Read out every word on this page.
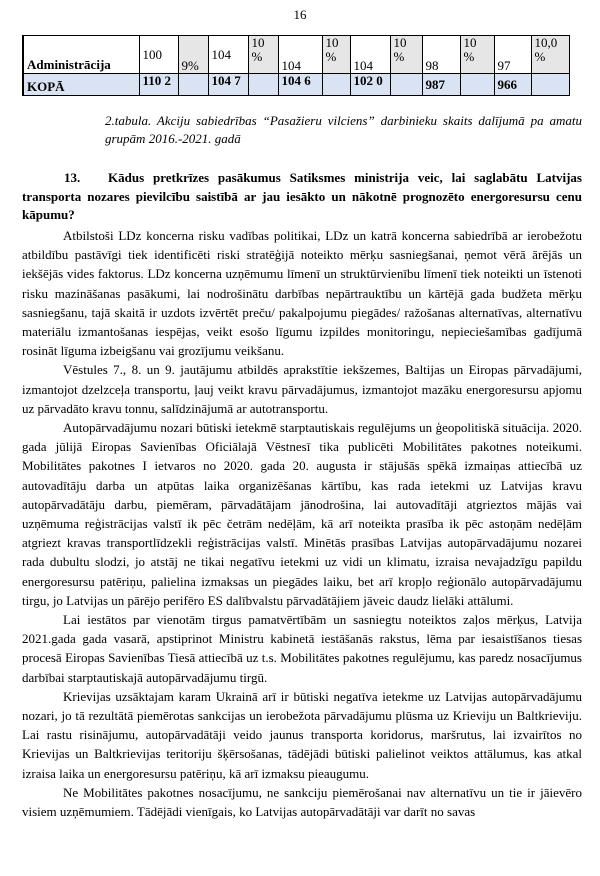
16
Administrācija	100	9%	104	10 %	104	10 %	104	10 %	98	10 %	97	10,0 %
KOPĀ	110 2		104 7		104 6		102 0		987		966	
2.tabula. Akciju sabiedrības “Pasažieru vilciens” darbinieku skaits dalījumā pa amatu grupām 2016.-2021. gadā
13. Kādus pretkrīzes pasākumus Satiksmes ministrija veic, lai saglabātu Latvijas transporta nozares pievilcību saistībā ar jau iesākto un nākotnē prognozēto energoresursu cenu kāpumu?

Atbilstoši LDz koncerna risku vadības politikai, LDz un katrā koncerna sabiedrībā ar ierobežotu atbildību pastāvīgi tiek identificēti riski stratēģijā noteikto mērķu sasniegšanai, ņemot vērā ārējās un iekšējās vides faktorus. LDz koncerna uzņēmumu līmenī un struktūrvienību līmenī tiek noteikti un īstenoti risku mazināšanas pasākumi, lai nodrošinātu darbības nepārtrauktību un kārtējā gada budžeta mērķu sasniegšanu, tajā skaitā ir uzdots izvērtēt preču/ pakalpojumu piegādes/ ražošanas alternatīvas, alternatīvu materiālu izmantošanas iespējas, veikt esošo līgumu izpildes monitoringu, nepieciešamības gadījumā rosināt līguma izbeigšanu vai grozījumu veikšanu.

Vēstules 7., 8. un 9. jautājumu atbildēs aprakstītie iekšzemes, Baltijas un Eiropas pārvadājumi, izmantojot dzelzceļa transportu, ļauj veikt kravu pārvadājumus, izmantojot mazāku energoresursu apjomu uz pārvadāto kravu tonnu, salīdzinājumā ar autotransportu.

Autopārvadājumu nozari būtiski ietekmē starptautiskais regulējums un ģeopolitiskā situācija. 2020. gada jūlijā Eiropas Savienības Oficiālajā Vēstnesī tika publicēti Mobilitātes pakotnes noteikumi. Mobilitātes pakotnes I ietvaros no 2020. gada 20. augusta ir stājušās spēkā izmaiņas attiecībā uz autovadītāju darba un atpūtas laika organizēšanas kārtību, kas rada ietekmi uz Latvijas kravu autopārvadātāju darbu, piemēram, pārvadātājam jānodrošina, lai autovadītāji atgrieztos mājās vai uzņēmuma reģistrācijas valstī ik pēc četrām nedēļām, kā arī noteikta prasība ik pēc astoņām nedēļām atgriezt kravas transportlīdzekli reģistrācijas valstī. Minētās prasības Latvijas autopārvadājumu nozarei rada dubultu slodzi, jo atstāj ne tikai negatīvu ietekmi uz vidi un klimatu, izraisa nevajadzīgu papildu energoresursu patēriņu, palielina izmaksas un piegādes laiku, bet arī kropļo reģionālo autopārvadājumu tirgu, jo Latvijas un pārējo perifēro ES dalībvalstu pārvadātājiem jāveic daudz lielāki attālumi.

Lai iestātos par vienotām tirgus pamatvērtībām un sasniegtu noteiktos zaļos mērķus, Latvija 2021.gada gada vasarā, apstiprinot Ministru kabinetā iestāšanās rakstus, lēma par iesaistīšanos tiesas procesā Eiropas Savienības Tiesā attiecībā uz t.s. Mobilitātes pakotnes regulējumu, kas paredz nosacījumus darbībai starptautiskajā autopārvadājumu tirgū.

Krievijas uzsāktajam karam Ukrainā arī ir būtiski negatīva ietekme uz Latvijas autopārvadājumu nozari, jo tā rezultātā piemērotas sankcijas un ierobežota pārvadājumu plūsma uz Krieviju un Baltkrieviju. Lai rastu risinājumu, autopārvadātāji veido jaunus transporta koridorus, maršrutus, lai izvairītos no Krievijas un Baltkrievijas teritoriju šķērsošanas, tādējādi būtiski palielinot veiktos attālumus, kas atkal izraisa laika un energoresursu patēriņu, kā arī izmaksu pieaugumu.

Ne Mobilitātes pakotnes nosacījumu, ne sankciju piemērošanai nav alternatīvu un tie ir jāievēro visiem uzņēmumiem. Tādējādi vienīgais, ko Latvijas autopārvadātāji var darīt no savas
